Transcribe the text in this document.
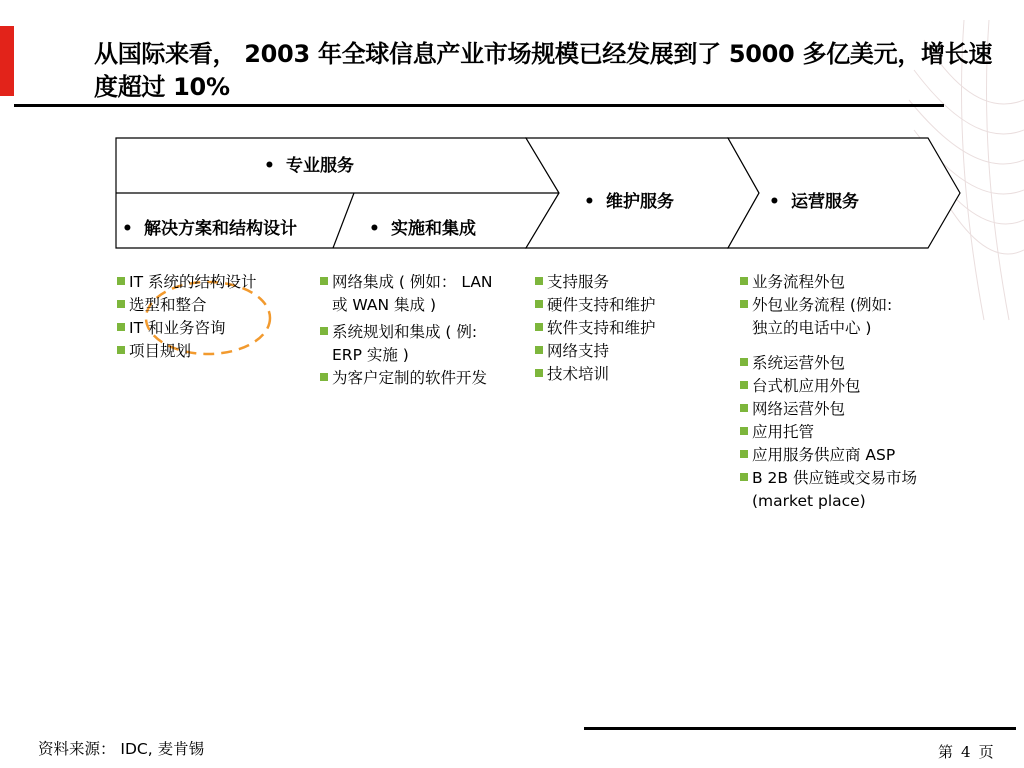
从国际来看， 2003 年全球信息产业市场规模已经发展到了 5000 多亿美元，增长速度超过 10%
• 专业服务
• 解决方案和结构设计	• 实施和集成
• 维护服务	• 运营服务
IT 系统的结构设计
选型和整合
IT 和业务咨询
项目规划
网络集成 ( 例如： LAN
或 WAN 集成 )
系统规划和集成 ( 例:
ERP 实施 )
为客户定制的软件开发
支持服务
硬件支持和维护
软件支持和维护
网络支持
技术培训
业务流程外包
外包业务流程 (例如:
独立的电话中心 )
系统运营外包
台式机应用外包
网络运营外包
应用托管
应用服务供应商 ASP
B 2B 供应链或交易市场
(market place)
资料来源： IDC, 麦肯锡	第 4 页
